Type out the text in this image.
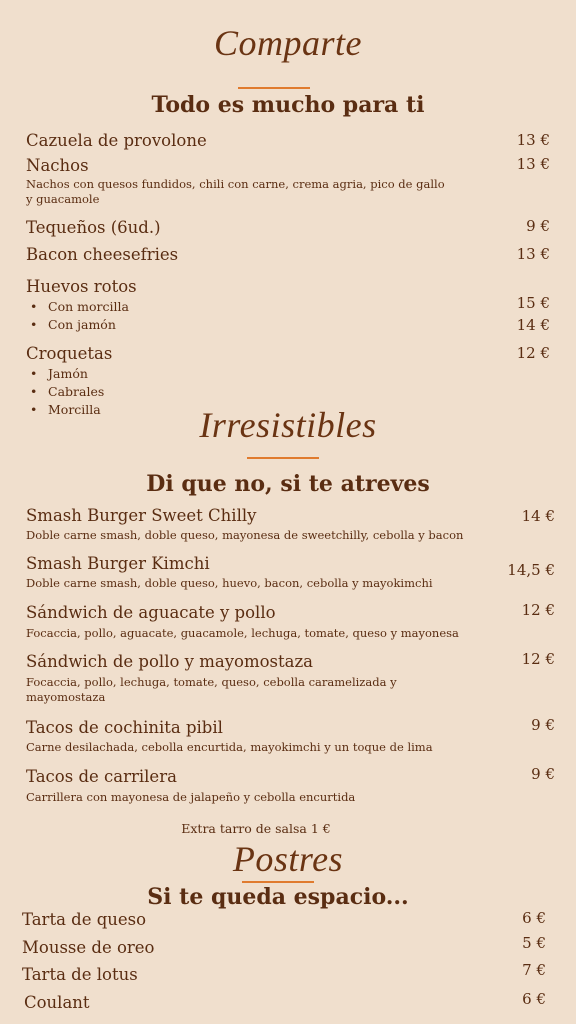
Comparte
Todo es mucho para ti
Cazuela de provolone	13 €
Nachos	13 €
Nachos con quesos fundidos, chili con carne, crema agria, pico de gallo y guacamole
Tequeños (6ud.)	9 €
Bacon cheesefries	13 €
Huevos rotos
• Con morcilla	15 €
• Con jamón	14 €
Croquetas	12 €
• Jamón
• Cabrales
• Morcilla	Irresistibles
Di que no, si te atreves
Smash Burger Sweet Chilly	14 €
Doble carne smash, doble queso, mayonesa de sweetchilly, cebolla y bacon
Smash Burger Kimchi	14,5 €
Doble carne smash, doble queso, huevo, bacon, cebolla y mayokimchi
Sándwich de aguacate y pollo	12 €
Focaccia, pollo, aguacate, guacamole, lechuga, tomate, queso y mayonesa
Sándwich de pollo y mayomostaza	12 €
Focaccia, pollo, lechuga, tomate, queso, cebolla caramelizada y mayomostaza
Tacos de cochinita pibil	9 €
Carne desilachada, cebolla encurtida, mayokimchi y un toque de lima
Tacos de carrilera	9 €
Carrillera con mayonesa de jalapeño y cebolla encurtida
Extra tarro de salsa 1 €
Postres
Si te queda espacio...
Tarta de queso	6 €
Mousse de oreo	5 €
Tarta de lotus	7 €
Coulant	6 €
